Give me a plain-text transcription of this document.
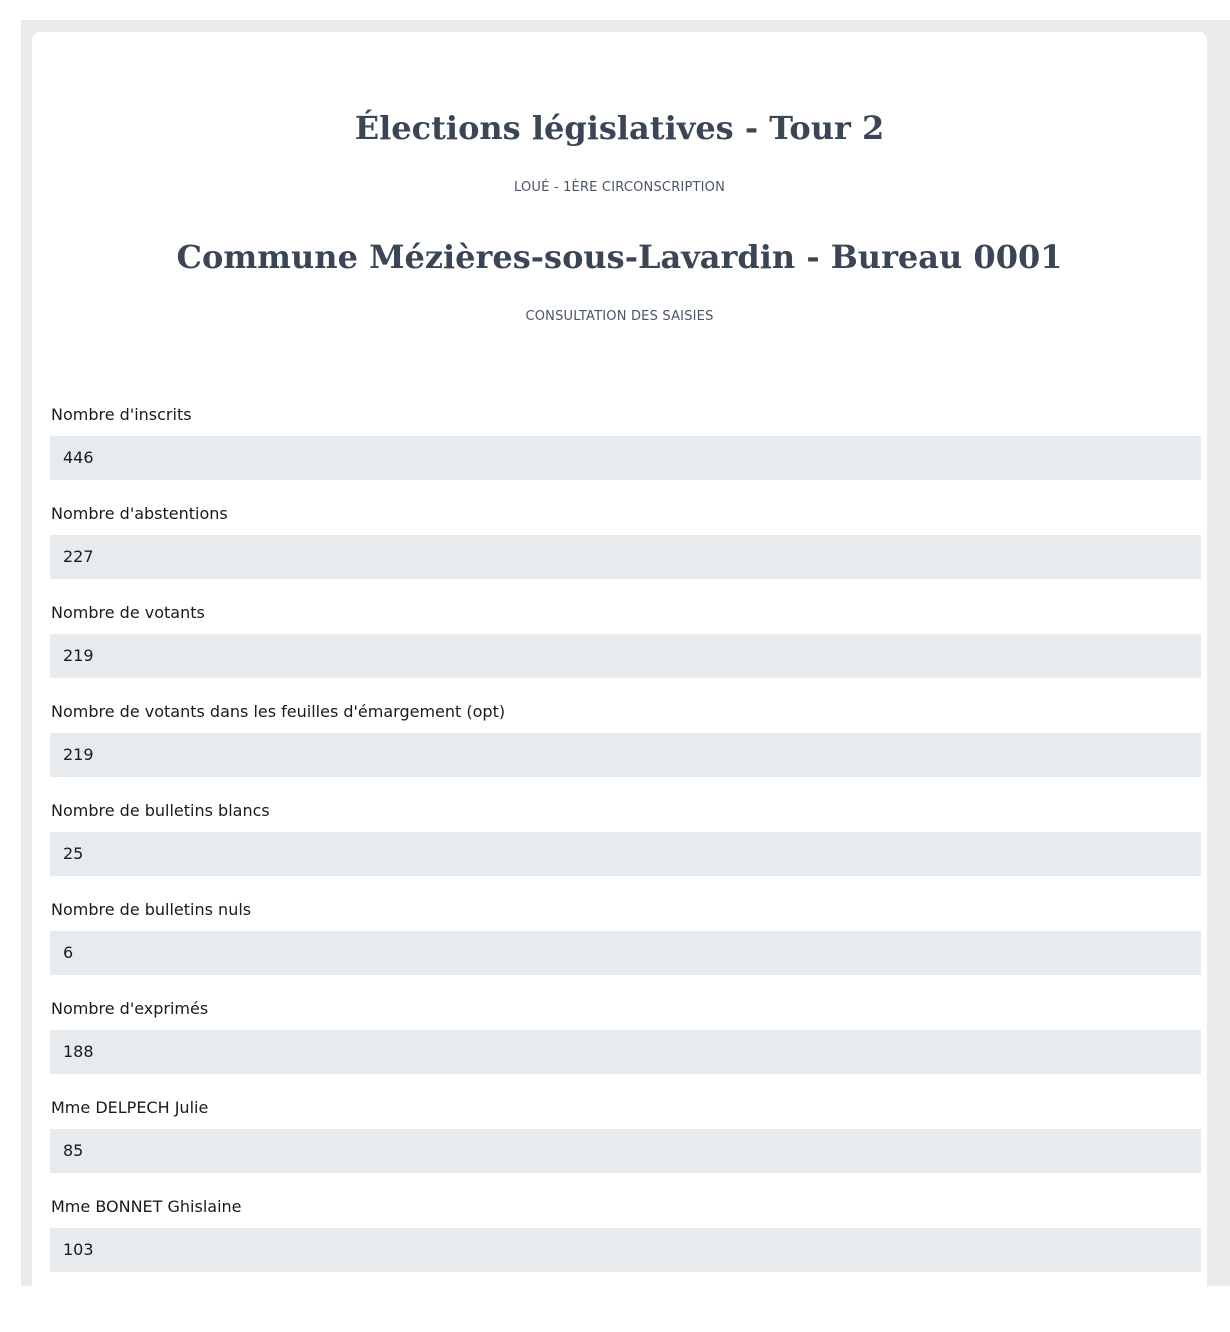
Élections législatives - Tour 2

LOUÉ - 1ÈRE CIRCONSCRIPTION

Commune Mézières-sous-Lavardin - Bureau 0001

CONSULTATION DES SAISIES

Nombre d'inscrits
446
Nombre d'abstentions
227
Nombre de votants
219
Nombre de votants dans les feuilles d'émargement (opt)
219
Nombre de bulletins blancs
25
Nombre de bulletins nuls
6
Nombre d'exprimés
188
Mme DELPECH Julie
85
Mme BONNET Ghislaine
103
